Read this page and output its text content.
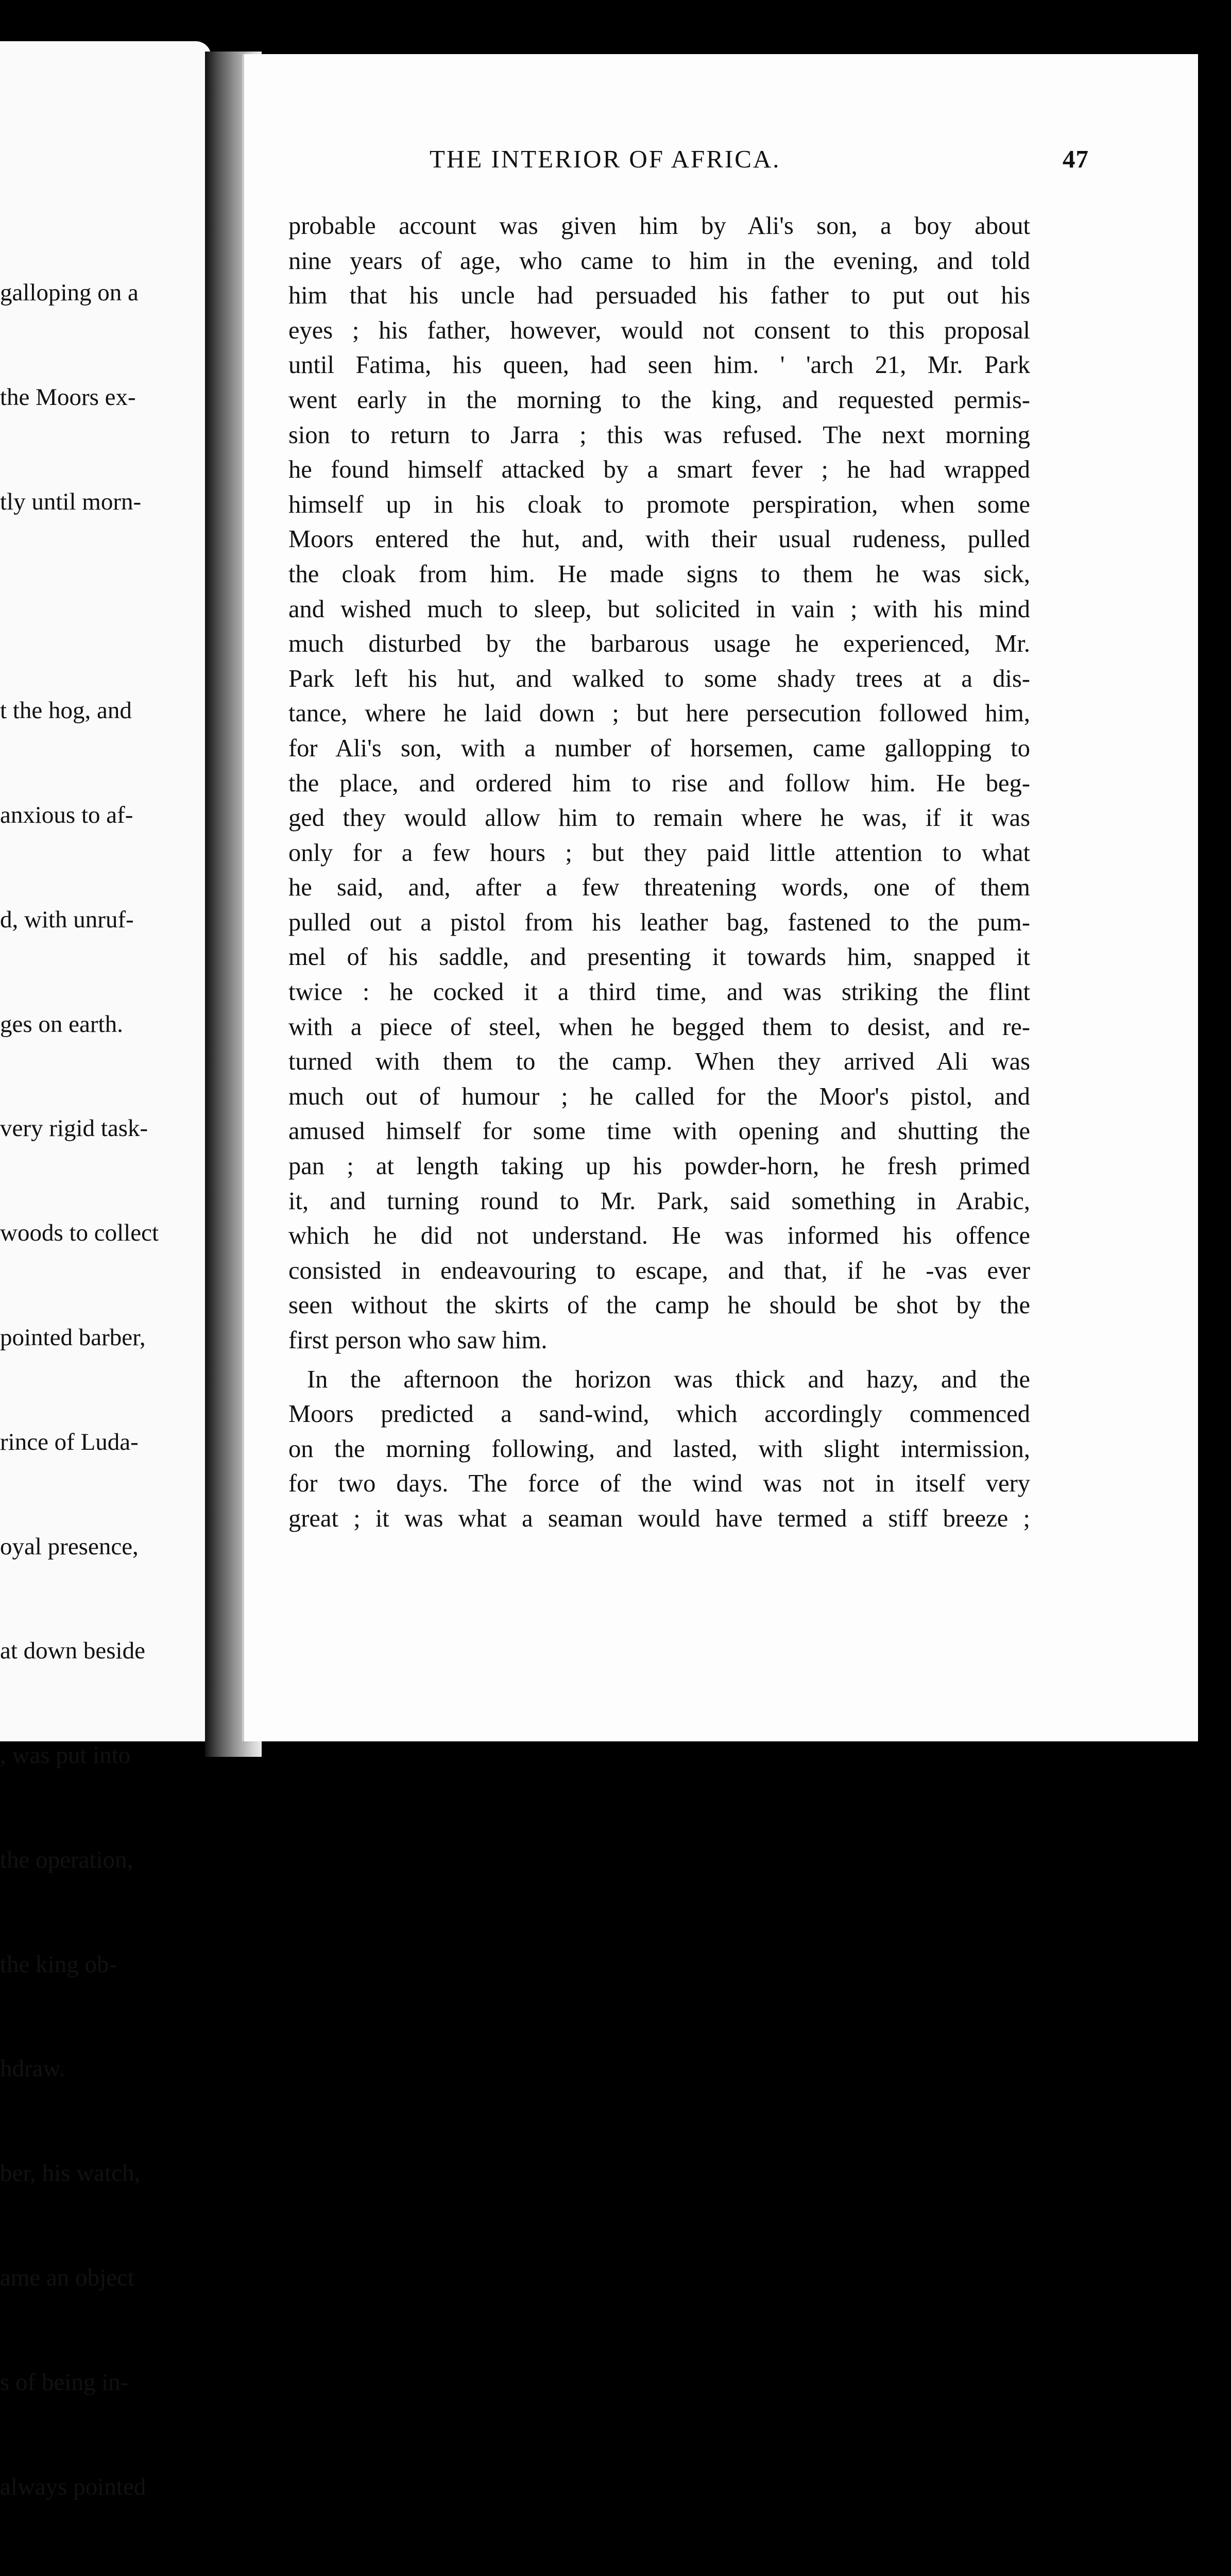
galloping on a

the Moors ex-

tly until morn-

t the hog, and

anxious to af-

d, with unruf-

ges on earth.

very rigid task-

woods to collect

pointed barber,

rince of Luda-

oyal presence,

at down beside

, was put into

the operation,

the king ob-

hdraw.

ber, his watch,

ame an object

s of being in-

always pointed

THE INTERIOR OF AFRICA.	47
probable account was given him by Ali's son, a boy about
nine years of age, who came to him in the evening, and told
him that his uncle had persuaded his father to put out his
eyes ; his father, however, would not consent to this proposal
until Fatima, his queen, had seen him. ' 'arch 21, Mr. Park
went early in the morning to the king, and requested permis-
sion to return to Jarra ; this was refused. The next morning
he found himself attacked by a smart fever ; he had wrapped
himself up in his cloak to promote perspiration, when some
Moors entered the hut, and, with their usual rudeness, pulled
the cloak from him. He made signs to them he was sick,
and wished much to sleep, but solicited in vain ; with his mind
much disturbed by the barbarous usage he experienced, Mr.
Park left his hut, and walked to some shady trees at a dis-
tance, where he laid down ; but here persecution followed him,
for Ali's son, with a number of horsemen, came gallopping to
the place, and ordered him to rise and follow him. He beg-
ged they would allow him to remain where he was, if it was
only for a few hours ; but they paid little attention to what
he said, and, after a few threatening words, one of them
pulled out a pistol from his leather bag, fastened to the pum-
mel of his saddle, and presenting it towards him, snapped it
twice : he cocked it a third time, and was striking the flint
with a piece of steel, when he begged them to desist, and re-
turned with them to the camp. When they arrived Ali was
much out of humour ; he called for the Moor's pistol, and
amused himself for some time with opening and shutting the
pan ; at length taking up his powder-horn, he fresh primed
it, and turning round to Mr. Park, said something in Arabic,
which he did not understand. He was informed his offence
consisted in endeavouring to escape, and that, if he -vas ever
seen without the skirts of the camp he should be shot by the
first person who saw him.
In the afternoon the horizon was thick and hazy, and the
Moors predicted a sand-wind, which accordingly commenced
on the morning following, and lasted, with slight intermission,
for two days. The force of the wind was not in itself very
great ; it was what a seaman would have termed a stiff breeze ;
